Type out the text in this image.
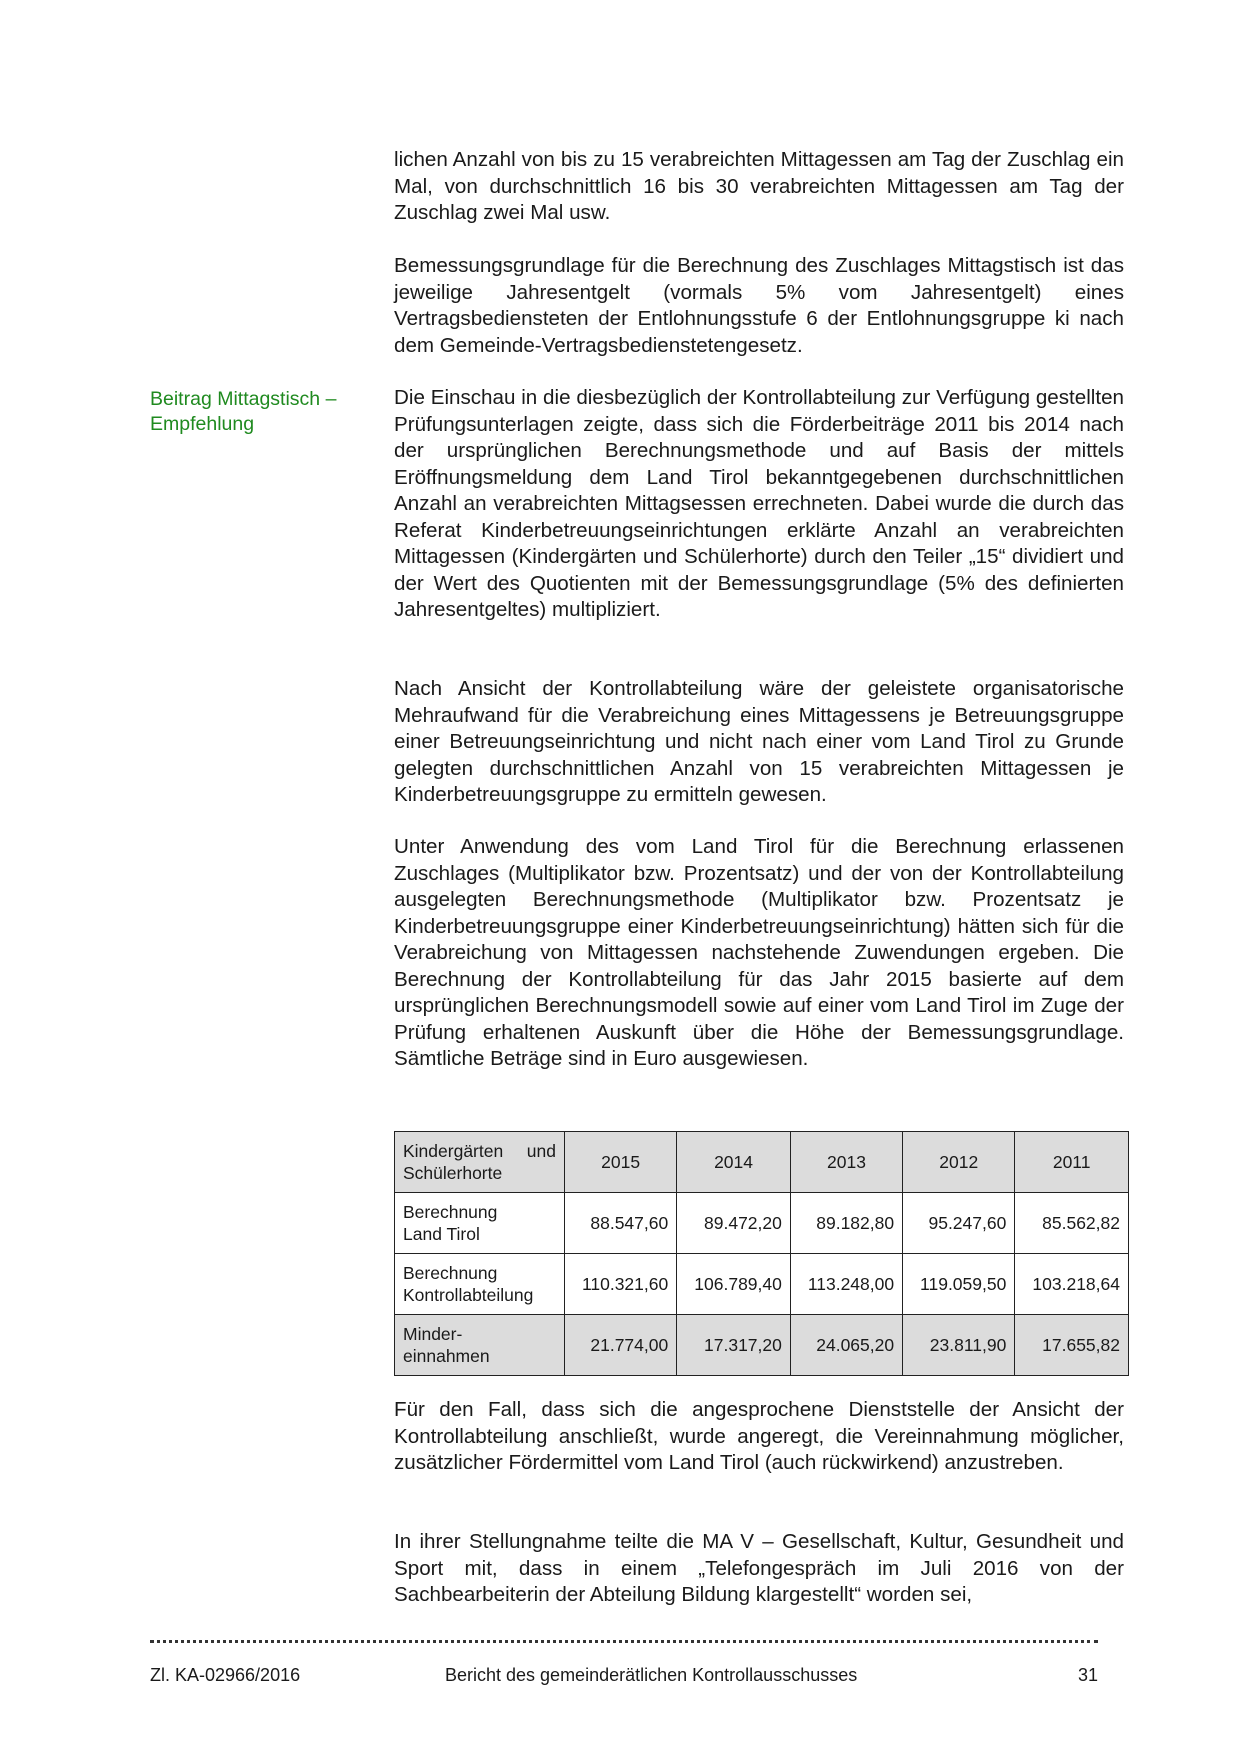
lichen Anzahl von bis zu 15 verabreichten Mittagessen am Tag der Zuschlag ein Mal, von durchschnittlich 16 bis 30 verabreichten Mittagessen am Tag der Zuschlag zwei Mal usw.

Bemessungsgrundlage für die Berechnung des Zuschlages Mittagstisch ist das jeweilige Jahresentgelt (vormals 5% vom Jahresentgelt) eines Vertragsbediensteten der Entlohnungsstufe 6 der Entlohnungsgruppe ki nach dem Gemeinde-Vertragsbedienstetengesetz.

Beitrag Mittagstisch –
Empfehlung

Die Einschau in die diesbezüglich der Kontrollabteilung zur Verfügung gestellten Prüfungsunterlagen zeigte, dass sich die Förderbeiträge 2011 bis 2014 nach der ursprünglichen Berechnungsmethode und auf Basis der mittels Eröffnungsmeldung dem Land Tirol bekanntgegebenen durchschnittlichen Anzahl an verabreichten Mittagsessen errechneten. Dabei wurde die durch das Referat Kinderbetreuungseinrichtungen erklärte Anzahl an verabreichten Mittagessen (Kindergärten und Schülerhorte) durch den Teiler „15“ dividiert und der Wert des Quotienten mit der Bemessungsgrundlage (5% des definierten Jahresentgeltes) multipliziert.

Nach Ansicht der Kontrollabteilung wäre der geleistete organisatorische Mehraufwand für die Verabreichung eines Mittagessens je Betreuungsgruppe einer Betreuungseinrichtung und nicht nach einer vom Land Tirol zu Grunde gelegten durchschnittlichen Anzahl von 15 verabreichten Mittagessen je Kinderbetreuungsgruppe zu ermitteln gewesen.

Unter Anwendung des vom Land Tirol für die Berechnung erlassenen Zuschlages (Multiplikator bzw. Prozentsatz) und der von der Kontrollabteilung ausgelegten Berechnungsmethode (Multiplikator bzw. Prozentsatz je Kinderbetreuungsgruppe einer Kinderbetreuungseinrichtung) hätten sich für die Verabreichung von Mittagessen nachstehende Zuwendungen ergeben. Die Berechnung der Kontrollabteilung für das Jahr 2015 basierte auf dem ursprünglichen Berechnungsmodell sowie auf einer vom Land Tirol im Zuge der Prüfung erhaltenen Auskunft über die Höhe der Bemessungsgrundlage. Sämtliche Beträge sind in Euro ausgewiesen.

Kindergärten und
Schülerhorte	2015	2014	2013	2012	2011

Berechnung
Land Tirol	88.547,60	89.472,20	89.182,80	95.247,60	85.562,82

Berechnung
Kontrollabteilung	110.321,60	106.789,40	113.248,00	119.059,50	103.218,64

Minder-
einnahmen	21.774,00	17.317,20	24.065,20	23.811,90	17.655,82

Für den Fall, dass sich die angesprochene Dienststelle der Ansicht der Kontrollabteilung anschließt, wurde angeregt, die Vereinnahmung möglicher, zusätzlicher Fördermittel vom Land Tirol (auch rückwirkend) anzustreben.

In ihrer Stellungnahme teilte die MA V – Gesellschaft, Kultur, Gesundheit und Sport mit, dass in einem „Telefongespräch im Juli 2016 von der Sachbearbeiterin der Abteilung Bildung klargestellt“ worden sei,

Zl. KA-02966/2016	Bericht des gemeinderätlichen Kontrollausschusses	31
